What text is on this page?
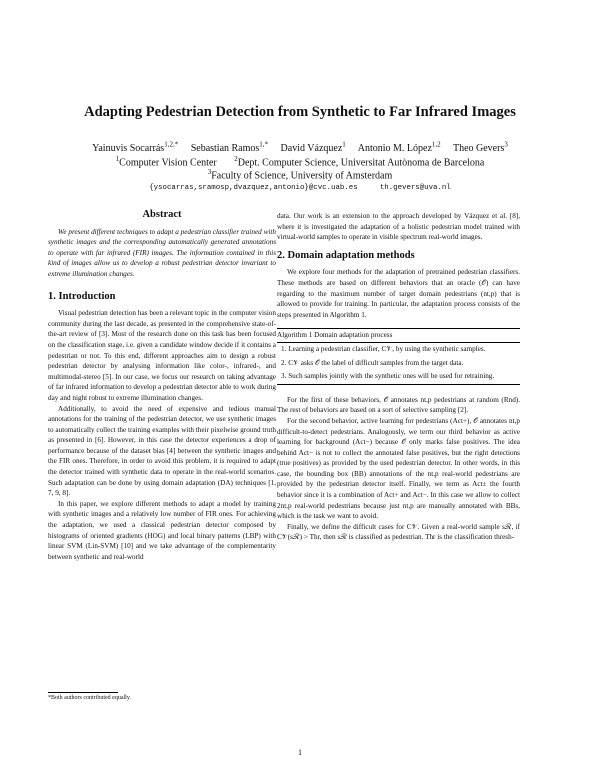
Adapting Pedestrian Detection from Synthetic to Far Infrared Images
Yainuvis Socarrás$^{1,2,*}$ Sebastian Ramos$^{1,*}$ David Vázquez$^1$ Antonio M. López$^{1,2}$ Theo Gevers$^3$
$^1$Computer Vision Center	$^2$Dept. Computer Science, Universitat Autònoma de Barcelona
$^3$Faculty of Science, University of Amsterdam
{ysocarras,sramosp,dvazquez,antonio}@cvc.uab.es     th.gevers@uva.nl
Abstract

We present different techniques to adapt a pedestrian classifier trained with synthetic images and the corresponding automatically generated annotations to operate with far infrared (FIR) images. The information contained in this kind of images allow us to develop a robust pedestrian detector invariant to extreme illumination changes.

1. Introduction

Visual pedestrian detection has been a relevant topic in the computer vision community during the last decade, as presented in the comprehensive state-of-the-art review of [3]. Most of the research done on this task has been focused on the classification stage, i.e. given a candidate window decide if it contains a pedestrian or not. To this end, different approaches aim to design a robust pedestrian detector by analysing information like color-, infrared-, and multimodal-stereo [5]. In our case, we focus our research on taking advantage of far infrared information to develop a pedestrian detector able to work during day and night robust to extreme illumination changes.

Additionally, to avoid the need of expensive and tedious manual annotations for the training of the pedestrian detector, we use synthetic images to automatically collect the training examples with their pixelwise ground truth as presented in [6]. However, in this case the detector experiences a drop of performance because of the dataset bias [4] between the synthetic images and the FIR ones. Therefore, in order to avoid this problem, it is required to adapt the detector trained with synthetic data to operate in the real-world scenarios. Such adaptation can be done by using domain adaptation (DA) techniques [1, 7, 9, 8].

In this paper, we explore different methods to adapt a model by training with synthetic images and a relatively low number of FIR ones. For achieving the adaptation, we used a classical pedestrian detector composed by histograms of oriented gradients (HOG) and local binary patterns (LBP) with linear SVM (Lin-SVM) [10] and we take advantage of the complementarity between synthetic and real-world

*Both authors contributed equally.

data. Our work is an extension to the approach developed by Vázquez et al. [8], where it is investigated the adaptation of a holistic pedestrian model trained with virtual-world samples to operate in visible spectrum real-world images.

2. Domain adaptation methods

We explore four methods for the adaptation of pretrained pedestrian classifiers. These methods are based on different behaviors that an oracle (𝒪) can have regarding to the maximum number of target domain pedestrians (nt,p) that is allowed to provide for training. In particular, the adaptation process consists of the steps presented in Algorithm 1.

Algorithm 1 Domain adaptation process
1. Learning a pedestrian classifier, C𝒱, by using the synthetic samples.
2. C𝒱 asks 𝒪 the label of difficult samples from the target data.
3. Such samples jointly with the synthetic ones will be used for retraining.

For the first of these behaviors, 𝒪 annotates nt,p pedestrians at random (Rnd). The rest of behaviors are based on a sort of selective sampling [2].

For the second behavior, active learning for pedestrians (Act+), 𝒪 annotates nt,p difficult-to-detect pedestrians. Analogously, we term our third behavior as active learning for background (Act−) because 𝒪 only marks false positives. The idea behind Act− is not to collect the annotated false positives, but the right detections (true positives) as provided by the used pedestrian detector. In other words, in this case, the bounding box (BB) annotations of the nt,p real-world pedestrians are provided by the pedestrian detector itself. Finally, we term as Act± the fourth behavior since it is a combination of Act+ and Act−. In this case we allow to collect 2nt,p real-world pedestrians because just nt,p are manually annotated with BBs, which is the task we want to avoid.

Finally, we define the difficult cases for C𝒱. Given a real-world sample sℛ, if C𝒱(sℛ) > Thr, then sℛ is classified as pedestrian. Thr is the classification thresh-

1
